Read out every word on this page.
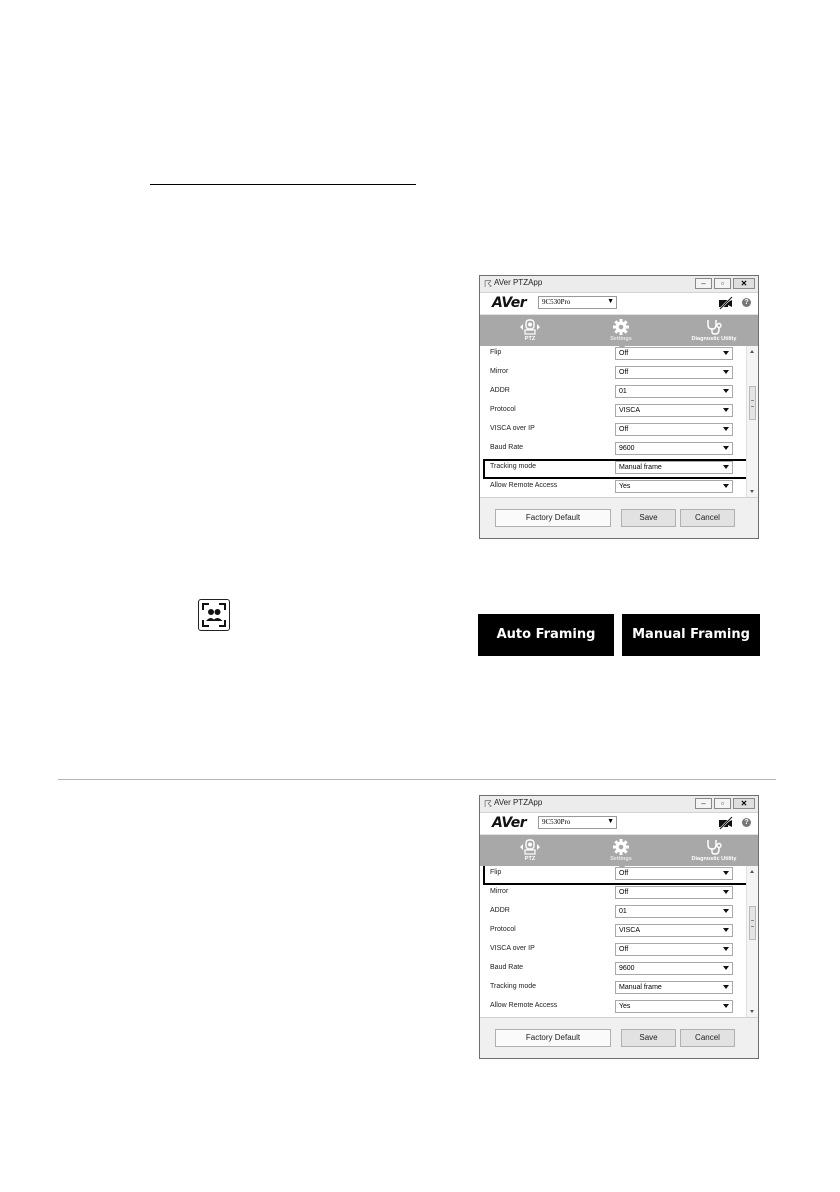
☈ AVer PTZApp	–	▫	✕
AVer 9C530Pro	▼	?
PTZ	Settings	Diagnostic Utility
Flip	Off
Mirror	Off
ADDR	01
Protocol	VISCA
VISCA over IP	Off
Baud Rate	9600
Tracking mode	Manual frame
Allow Remote Access	Yes
Factory Default	Save	Cancel
Auto Framing	Manual Framing
☈ AVer PTZApp	–	▫	✕
AVer 9C530Pro	▼	?
PTZ	Settings	Diagnostic Utility
Flip	Off
Mirror	Off
ADDR	01
Protocol	VISCA
VISCA over IP	Off
Baud Rate	9600
Tracking mode	Manual frame
Allow Remote Access	Yes
Factory Default	Save	Cancel
